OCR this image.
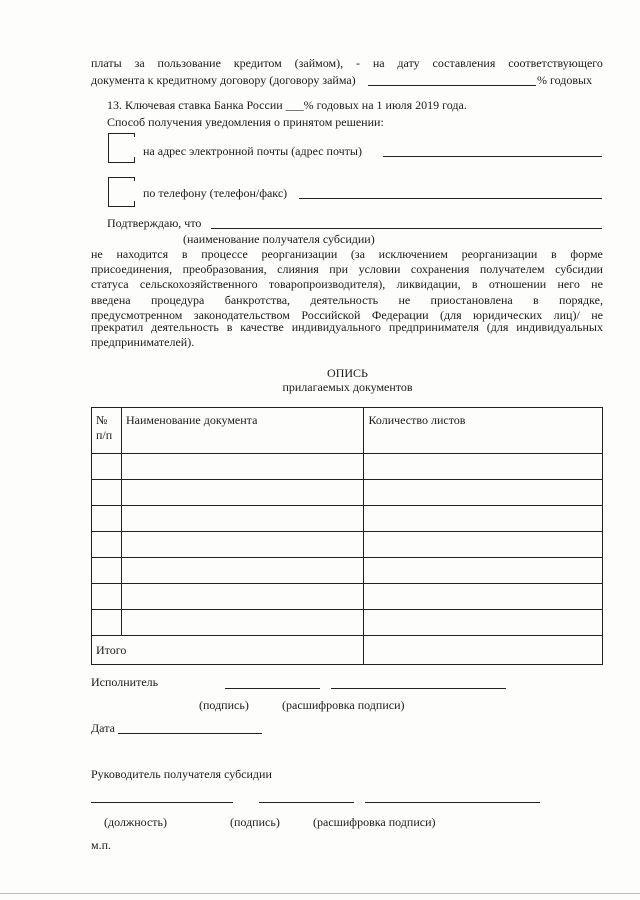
платы за пользование кредитом (займом), - на дату составления соответствующего
документа к кредитному договору (договору займа)	% годовых
13. Ключевая ставка Банка России ___% годовых на 1 июля 2019 года.
Способ получения уведомления о принятом решении:
на адрес электронной почты (адрес почты)
по телефону (телефон/факс)
Подтверждаю, что
(наименование получателя субсидии)
не находится в процессе реорганизации (за исключением реорганизации в форме
присоединения, преобразования, слияния при условии сохранения получателем субсидии
статуса сельскохозяйственного товаропроизводителя), ликвидации, в отношении него не
введена процедура банкротства, деятельность не приостановлена в порядке,
предусмотренном законодательством Российской Федерации (для юридических лиц)/ не
прекратил деятельность в качестве индивидуального предпринимателя (для индивидуальных
предпринимателей).
ОПИСЬ
прилагаемых документов
№
п/п	Наименование документа	Количество листов

Итого		
Исполнитель
(подпись)	(расшифровка подписи)
Дата
Руководитель получателя субсидии
(должность)	(подпись)	(расшифровка подписи)
м.п.
